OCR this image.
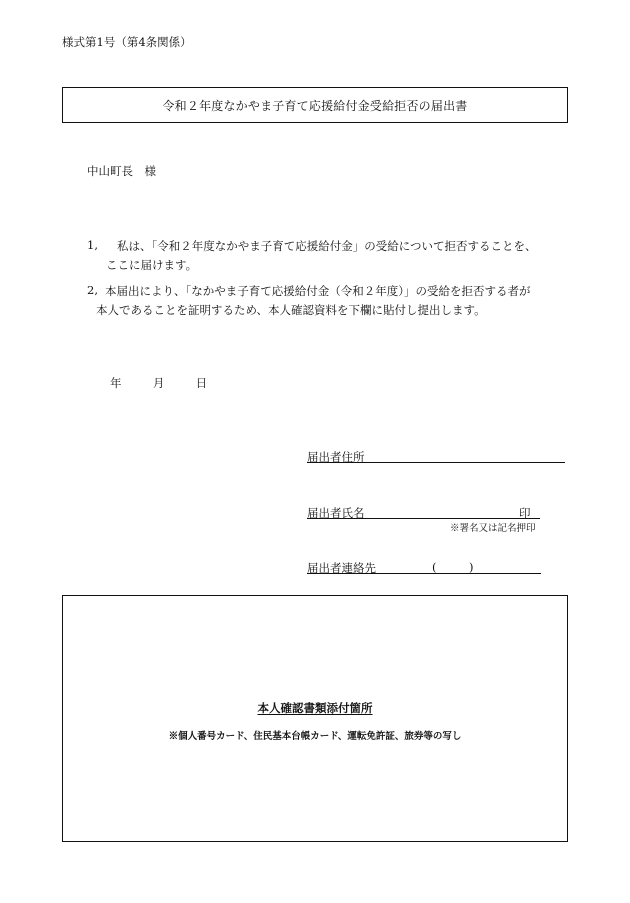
様式第1号（第4条関係）
令和２年度なかやま子育て応援給付金受給拒否の届出書
中山町長　様
1, 私は、「令和２年度なかやま子育て応援給付金」の受給について拒否することを、
ここに届けます。
2, 本届出により、「なかやま子育て応援給付金（令和２年度）」の受給を拒否する者が
本人であることを証明するため、本人確認資料を下欄に貼付し提出します。
年	月	日
届出者住所
届出者氏名	印
※署名又は記名押印
届出者連絡先	(	)
本人確認書類添付箇所
※個人番号カード、住民基本台帳カード、運転免許証、旅券等の写し
